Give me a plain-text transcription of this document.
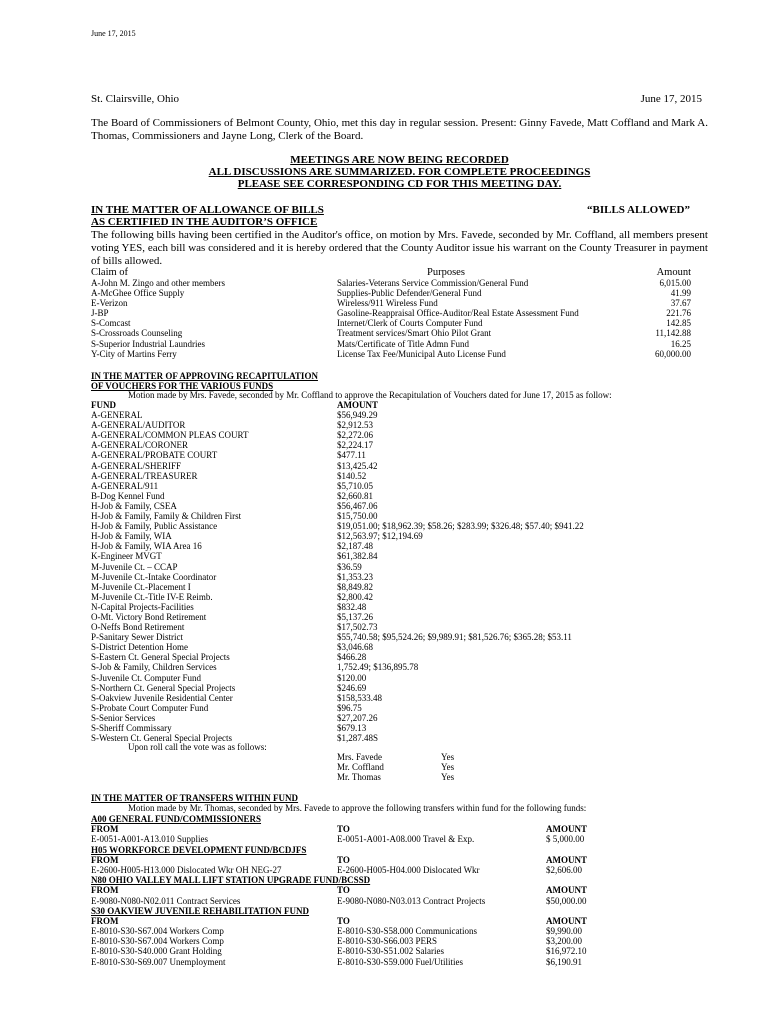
June 17, 2015
St. Clairsville, Ohio	June 17, 2015
The Board of Commissioners of Belmont County, Ohio, met this day in regular session. Present: Ginny Favede, Matt Coffland and Mark A. Thomas, Commissioners and Jayne Long, Clerk of the Board.
MEETINGS ARE NOW BEING RECORDED
ALL DISCUSSIONS ARE SUMMARIZED. FOR COMPLETE PROCEEDINGS
PLEASE SEE CORRESPONDING CD FOR THIS MEETING DAY.
IN THE MATTER OF ALLOWANCE OF BILLS
AS CERTIFIED IN THE AUDITOR’S OFFICE
“BILLS ALLOWED”
The following bills having been certified in the Auditor's office, on motion by Mrs. Favede, seconded by Mr. Coffland, all members present voting YES, each bill was considered and it is hereby ordered that the County Auditor issue his warrant on the County Treasurer in payment of bills allowed.
Claim of	Purposes	Amount
A-John M. Zingo and other members	Salaries-Veterans Service Commission/General Fund	6,015.00
A-McGhee Office Supply	Supplies-Public Defender/General Fund	41.99
E-Verizon	Wireless/911 Wireless Fund	37.67
J-BP	Gasoline-Reappraisal Office-Auditor/Real Estate Assessment Fund	221.76
S-Comcast	Internet/Clerk of Courts Computer Fund	142.85
S-Crossroads Counseling	Treatment services/Smart Ohio Pilot Grant	11,142.88
S-Superior Industrial Laundries	Mats/Certificate of Title Admn Fund	16.25
Y-City of Martins Ferry	License Tax Fee/Municipal Auto License Fund	60,000.00
IN THE MATTER OF APPROVING RECAPITULATION
OF VOUCHERS FOR THE VARIOUS FUNDS
Motion made by Mrs. Favede, seconded by Mr. Coffland to approve the Recapitulation of Vouchers dated for June 17, 2015 as follow:
FUND	AMOUNT
A-GENERAL	$56,949.29
A-GENERAL/AUDITOR	$2,912.53
A-GENERAL/COMMON PLEAS COURT	$2,272.06
A-GENERAL/CORONER	$2,224.17
A-GENERAL/PROBATE COURT	$477.11
A-GENERAL/SHERIFF	$13,425.42
A-GENERAL/TREASURER	$140.52
A-GENERAL/911	$5,710.05
B-Dog Kennel Fund	$2,660.81
H-Job & Family, CSEA	$56,467.06
H-Job & Family, Family & Children First	$15,750.00
H-Job & Family, Public Assistance	$19,051.00; $18,962.39; $58.26; $283.99; $326.48; $57.40; $941.22
H-Job & Family, WIA	$12,563.97; $12,194.69
H-Job & Family, WIA Area 16	$2,187.48
K-Engineer MVGT	$61,382.84
M-Juvenile Ct. – CCAP	$36.59
M-Juvenile Ct.-Intake Coordinator	$1,353.23
M-Juvenile Ct.-Placement I	$8,849.82
M-Juvenile Ct.-Title IV-E Reimb.	$2,800.42
N-Capital Projects-Facilities	$832.48
O-Mt. Victory Bond Retirement	$5,137.26
O-Neffs Bond Retirement	$17,502.73
P-Sanitary Sewer District	$55,740.58; $95,524.26; $9,989.91; $81,526.76; $365.28; $53.11
S-District Detention Home	$3,046.68
S-Eastern Ct. General Special Projects	$466.28
S-Job & Family, Children Services	1,752.49; $136,895.78
S-Juvenile Ct. Computer Fund	$120.00
S-Northern Ct. General Special Projects	$246.69
S-Oakview Juvenile Residential Center	$158,533.48
S-Probate Court Computer Fund	$96.75
S-Senior Services	$27,207.26
S-Sheriff Commissary	$679.13
S-Western Ct. General Special Projects	$1,287.48S
Upon roll call the vote was as follows:
Mrs. Favede	Yes
Mr. Coffland	Yes
Mr. Thomas	Yes
IN THE MATTER OF TRANSFERS WITHIN FUND
Motion made by Mr. Thomas, seconded by Mrs. Favede to approve the following transfers within fund for the following funds:
A00 GENERAL FUND/COMMISSIONERS
FROM	TO	AMOUNT
E-0051-A001-A13.010 Supplies	E-0051-A001-A08.000 Travel & Exp.	$ 5,000.00
H05 WORKFORCE DEVELOPMENT FUND/BCDJFS
FROM	TO	AMOUNT
E-2600-H005-H13.000 Dislocated Wkr OH NEG-27	E-2600-H005-H04.000 Dislocated Wkr	$2,606.00
N80 OHIO VALLEY MALL LIFT STATION UPGRADE FUND/BCSSD
FROM	TO	AMOUNT
E-9080-N080-N02.011 Contract Services	E-9080-N080-N03.013 Contract Projects	$50,000.00
S30 OAKVIEW JUVENILE REHABILITATION FUND
FROM	TO	AMOUNT
E-8010-S30-S67.004 Workers Comp	E-8010-S30-S58.000 Communications	$9,990.00
E-8010-S30-S67.004 Workers Comp	E-8010-S30-S66.003 PERS	$3,200.00
E-8010-S30-S40.000 Grant Holding	E-8010-S30-S51.002 Salaries	$16,972.10
E-8010-S30-S69.007 Unemployment	E-8010-S30-S59.000 Fuel/Utilities	$6,190.91
